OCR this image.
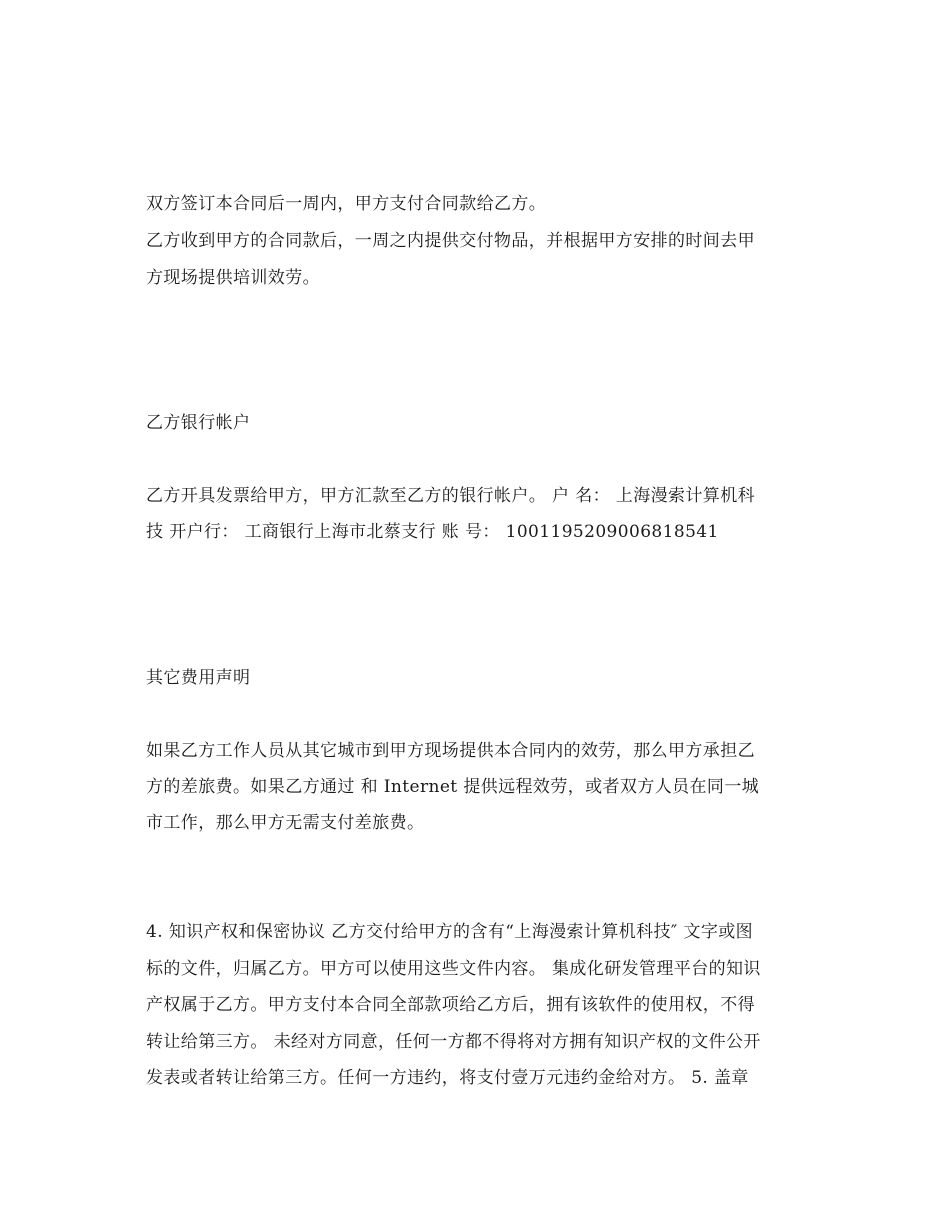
双方签订本合同后一周内，甲方支付合同款给乙方。
乙方收到甲方的合同款后，一周之内提供交付物品，并根据甲方安排的时间去甲
方现场提供培训效劳。
乙方银行帐户
乙方开具发票给甲方，甲方汇款至乙方的银行帐户。 户 名： 上海漫索计算机科
技 开户行： 工商银行上海市北蔡支行 账 号： 1001195209006818541
其它费用声明
如果乙方工作人员从其它城市到甲方现场提供本合同内的效劳，那么甲方承担乙
方的差旅费。如果乙方通过 和 Internet 提供远程效劳，或者双方人员在同一城
市工作，那么甲方无需支付差旅费。
4. 知识产权和保密协议 乙方交付给甲方的含有“上海漫索计算机科技″ 文字或图
标的文件，归属乙方。甲方可以使用这些文件内容。 集成化研发管理平台的知识
产权属于乙方。甲方支付本合同全部款项给乙方后，拥有该软件的使用权，不得
转让给第三方。 未经对方同意，任何一方都不得将对方拥有知识产权的文件公开
发表或者转让给第三方。任何一方违约，将支付壹万元违约金给对方。 5. 盖章
